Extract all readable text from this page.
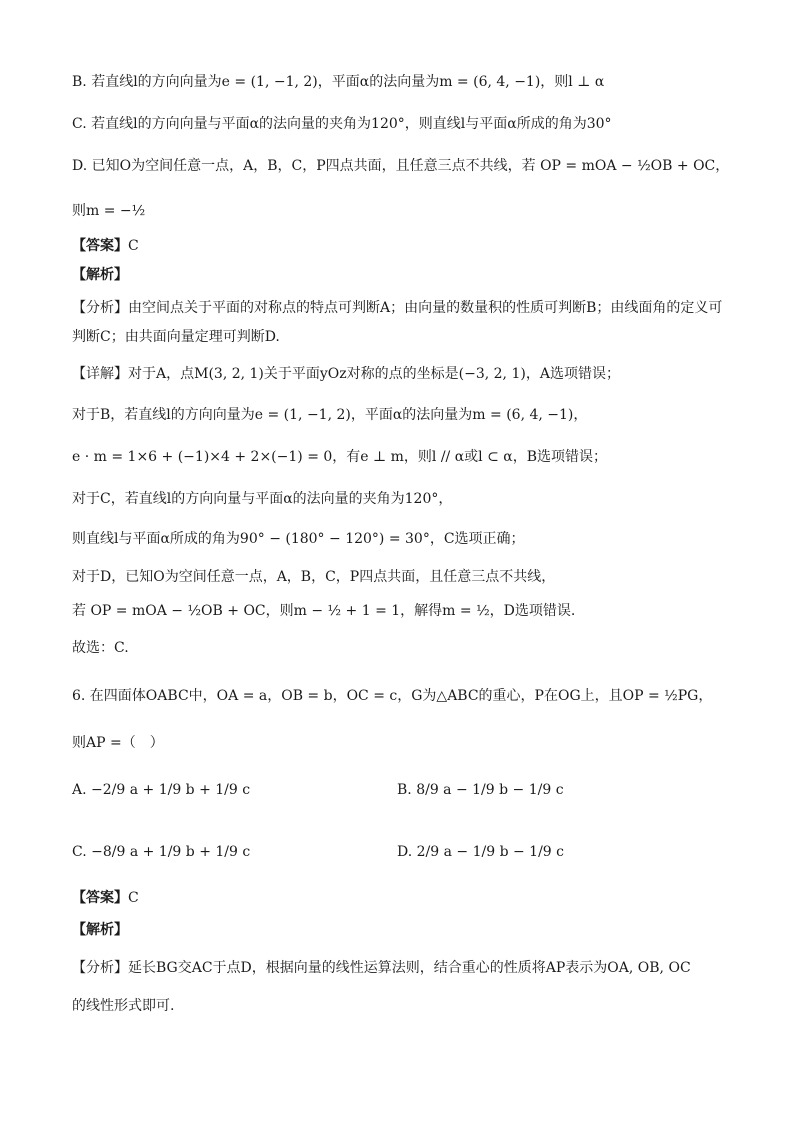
B. 若直线l的方向向量为e = (1, −1, 2)，平面α的法向量为m = (6, 4, −1)，则l ⊥ α
C. 若直线l的方向向量与平面α的法向量的夹角为120°，则直线l与平面α所成的角为30°
D. 已知O为空间任意一点，A，B，C，P四点共面，且任意三点不共线，若 OP = mOA − ½OB + OC，
则m = −½
【答案】C
【解析】
【分析】由空间点关于平面的对称点的特点可判断A；由向量的数量积的性质可判断B；由线面角的定义可
判断C；由共面向量定理可判断D.
【详解】对于A，点M(3, 2, 1)关于平面yOz对称的点的坐标是(−3, 2, 1)，A选项错误；
对于B，若直线l的方向向量为e = (1, −1, 2)，平面α的法向量为m = (6, 4, −1)，
e · m = 1×6 + (−1)×4 + 2×(−1) = 0，有e ⊥ m，则l // α或l ⊂ α，B选项错误；
对于C，若直线l的方向向量与平面α的法向量的夹角为120°，
则直线l与平面α所成的角为90° − (180° − 120°) = 30°，C选项正确；
对于D，已知O为空间任意一点，A，B，C，P四点共面，且任意三点不共线，
若 OP = mOA − ½OB + OC，则m − ½ + 1 = 1，解得m = ½，D选项错误.
故选：C.
6. 在四面体OABC中，OA = a，OB = b，OC = c，G为△ABC的重心，P在OG上，且OP = ½PG，
则AP =（　）
A. −2/9 a + 1/9 b + 1/9 c	B. 8/9 a − 1/9 b − 1/9 c
C. −8/9 a + 1/9 b + 1/9 c	D. 2/9 a − 1/9 b − 1/9 c
【答案】C
【解析】
【分析】延长BG交AC于点D，根据向量的线性运算法则，结合重心的性质将AP表示为OA, OB, OC
的线性形式即可.
